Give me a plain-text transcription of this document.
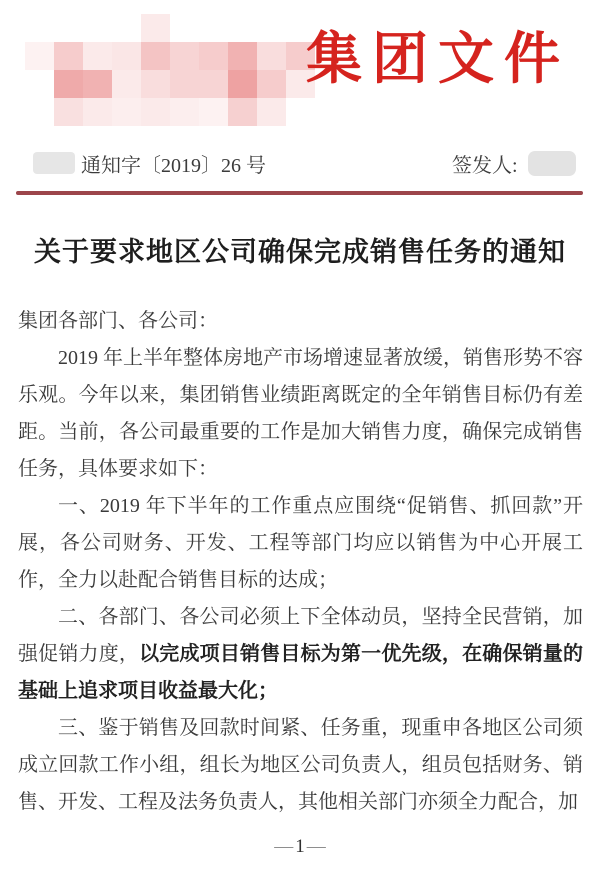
集团文件
通知字〔2019〕26 号	签发人:
关于要求地区公司确保完成销售任务的通知

集团各部门、各公司：

2019 年上半年整体房地产市场增速显著放缓，销售形势不容乐观。今年以来，集团销售业绩距离既定的全年销售目标仍有差距。当前，各公司最重要的工作是加大销售力度，确保完成销售任务，具体要求如下：

一、2019 年下半年的工作重点应围绕“促销售、抓回款”开展，各公司财务、开发、工程等部门均应以销售为中心开展工作，全力以赴配合销售目标的达成；

二、各部门、各公司必须上下全体动员，坚持全民营销，加强促销力度，以完成项目销售目标为第一优先级，在确保销量的基础上追求项目收益最大化；

三、鉴于销售及回款时间紧、任务重，现重申各地区公司须成立回款工作小组，组长为地区公司负责人，组员包括财务、销售、开发、工程及法务负责人，其他相关部门亦须全力配合，加

— 1 —
